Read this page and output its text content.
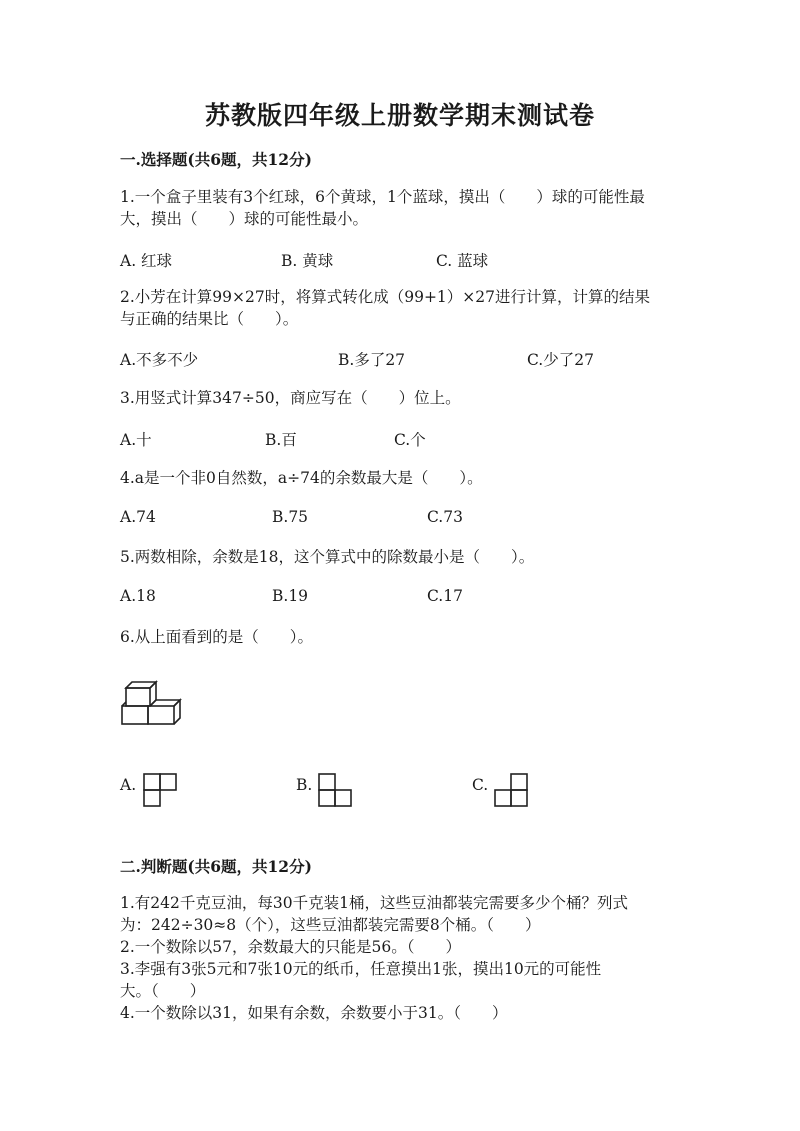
苏教版四年级上册数学期末测试卷
一.选择题(共6题，共12分)
1.一个盒子里装有3个红球，6个黄球，1个蓝球，摸出（　　）球的可能性最
大，摸出（　　）球的可能性最小。
A. 红球	B. 黄球	C. 蓝球
2.小芳在计算99×27时，将算式转化成（99+1）×27进行计算，计算的结果
与正确的结果比（　　）。
A.不多不少	B.多了27	C.少了27
3.用竖式计算347÷50，商应写在（　　）位上。
A.十	B.百	C.个
4.a是一个非0自然数，a÷74的余数最大是（　　）。
A.74	B.75	C.73
5.两数相除，余数是18，这个算式中的除数最小是（　　）。
A.18	B.19	C.17
6.从上面看到的是（　　）。
A.	B.	C.
二.判断题(共6题，共12分)
1.有242千克豆油，每30千克装1桶，这些豆油都装完需要多少个桶？列式
为：242÷30≈8（个），这些豆油都装完需要8个桶。（　　）
2.一个数除以57，余数最大的只能是56。（　　）
3.李强有3张5元和7张10元的纸币，任意摸出1张，摸出10元的可能性
大。（　　）
4.一个数除以31，如果有余数，余数要小于31。（　　）
